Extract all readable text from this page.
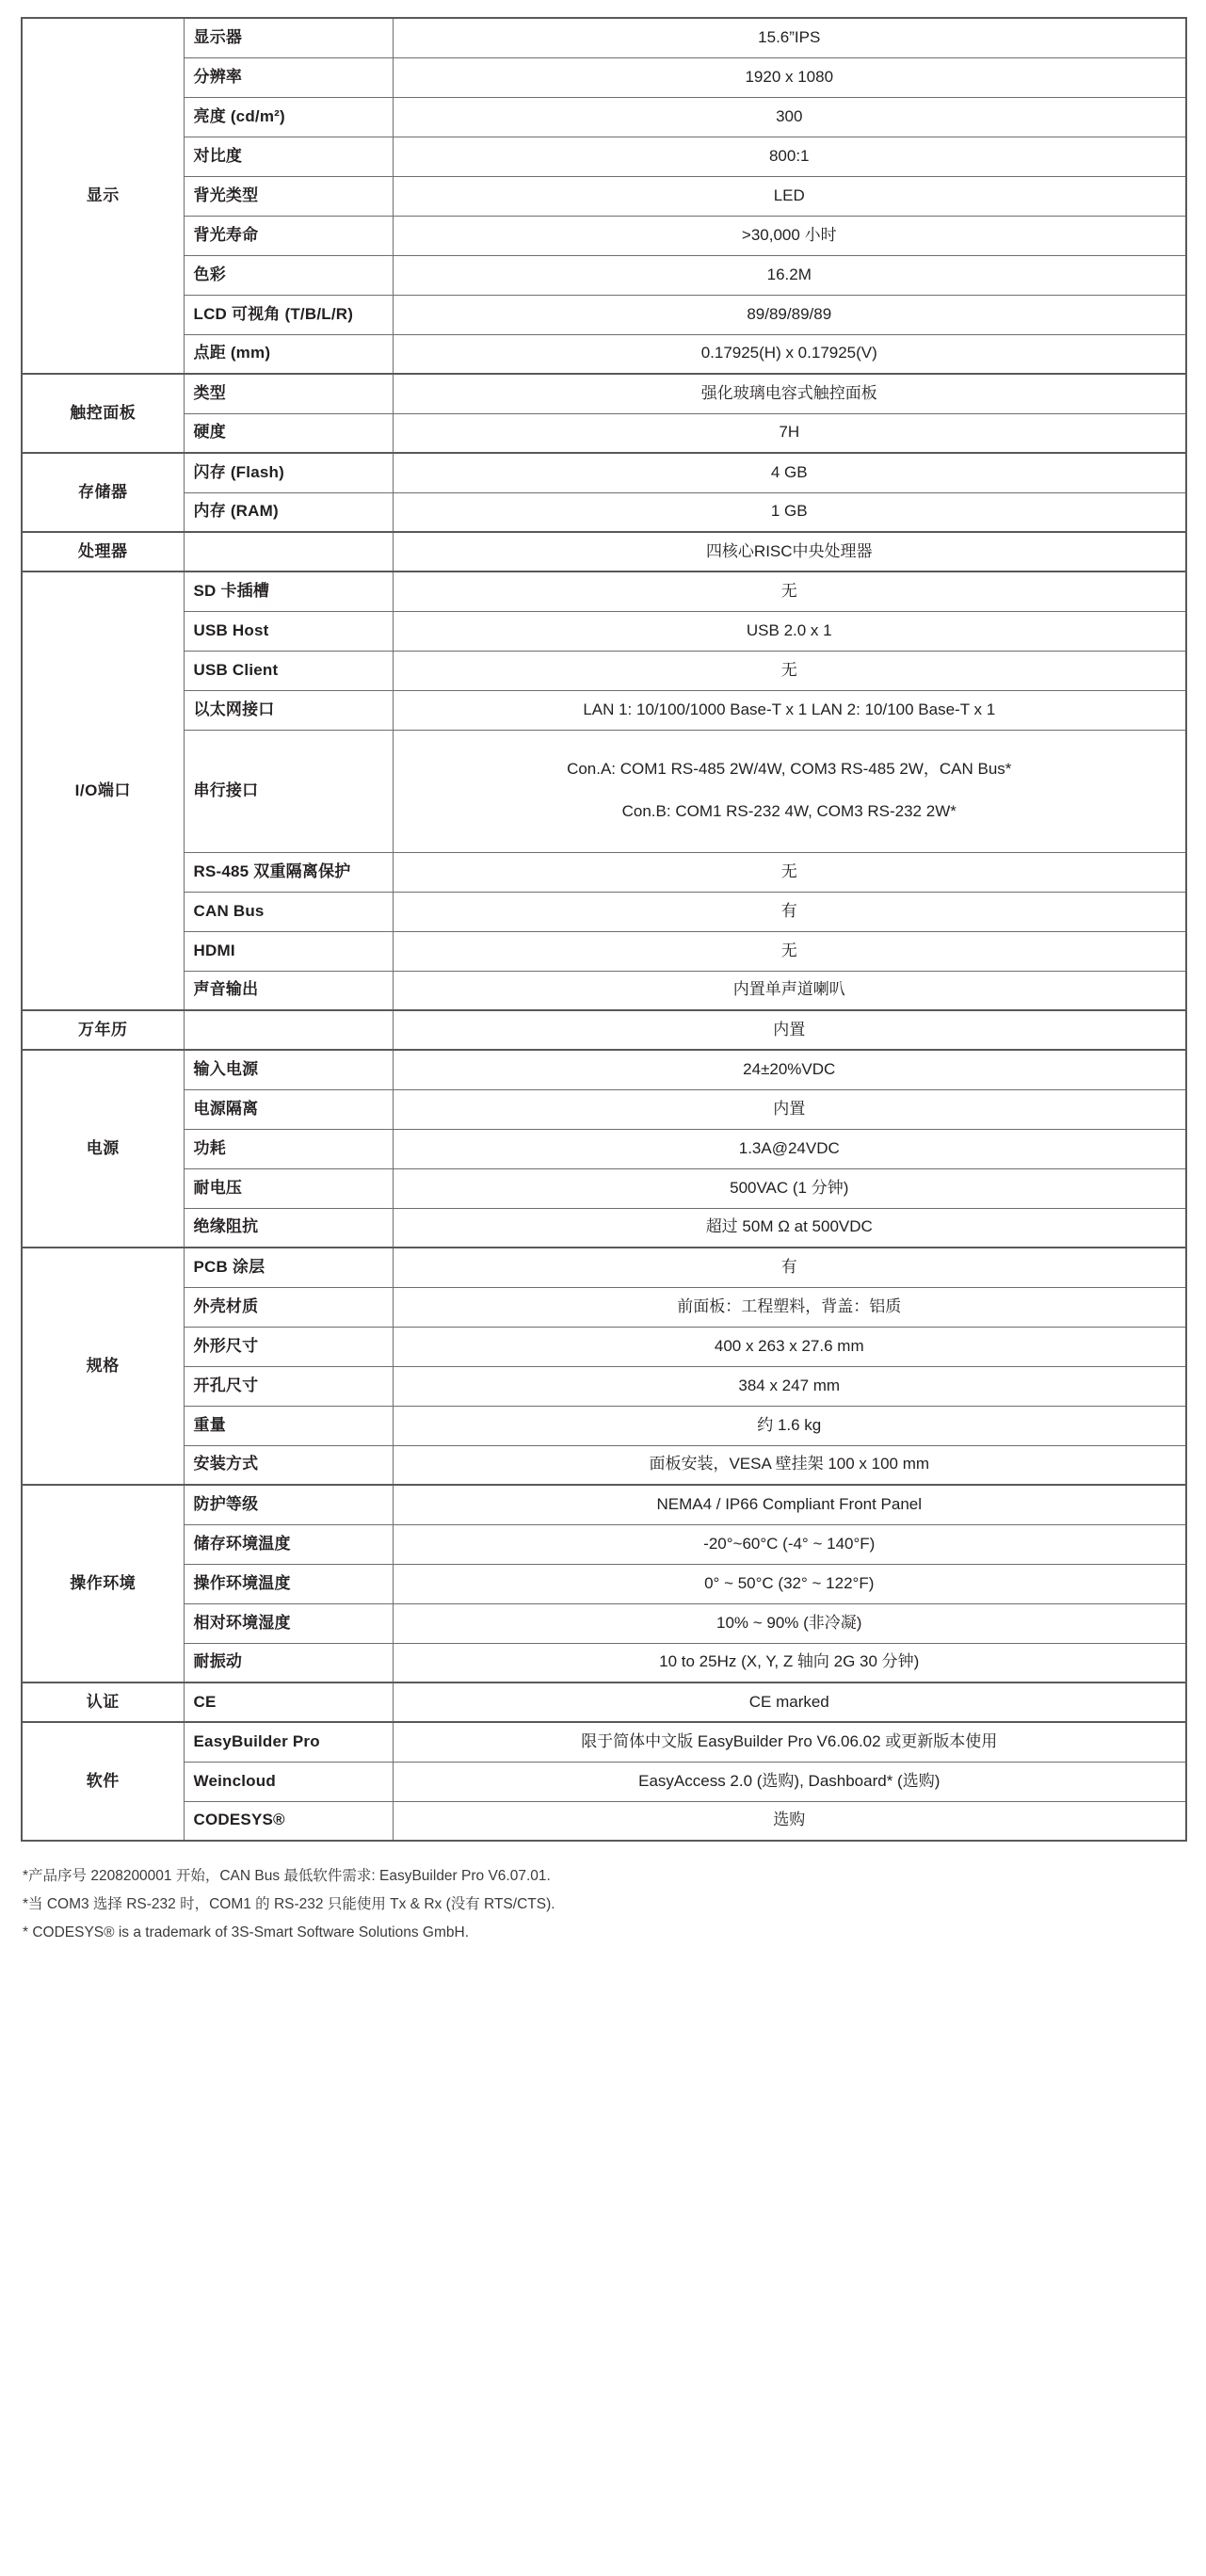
显示	显示器	15.6”IPS

	分辨率	1920 x 1080

	亮度 (cd/m²)	300

	对比度	800:1

	背光类型	LED

	背光寿命	>30,000 小时

	色彩	16.2M

	LCD 可视角 (T/B/L/R)	89/89/89/89

	点距 (mm)	0.17925(H) x 0.17925(V)

触控面板	类型	强化玻璃电容式触控面板

	硬度	7H

存储器	闪存 (Flash)	4 GB

	内存 (RAM)	1 GB

处理器		四核心RISC中央处理器

I/O端口	SD 卡插槽	无

	USB Host	USB 2.0 x 1

	USB Client	无

	以太网接口	LAN 1: 10/100/1000 Base-T x 1 LAN 2: 10/100 Base-T x 1

	串行接口	Con.A: COM1 RS-485 2W/4W, COM3 RS-485 2W，CAN Bus*
Con.B: COM1 RS-232 4W, COM3 RS-232 2W*

	RS-485 双重隔离保护	无

	CAN Bus	有

	HDMI	无

	声音输出	内置单声道喇叭

万年历		内置

电源	输入电源	24±20%VDC

	电源隔离	内置

	功耗	1.3A@24VDC

	耐电压	500VAC (1 分钟)

	绝缘阻抗	超过 50M Ω at 500VDC

规格	PCB 涂层	有

	外壳材质	前面板：工程塑料，背盖：铝质

	外形尺寸	400 x 263 x 27.6 mm

	开孔尺寸	384 x 247 mm

	重量	约 1.6 kg

	安装方式	面板安装，VESA 壁挂架 100 x 100 mm

操作环境	防护等级	NEMA4 / IP66 Compliant Front Panel

	储存环境温度	-20°~60°C (-4° ~ 140°F)

	操作环境温度	0° ~ 50°C (32° ~ 122°F)

	相对环境湿度	10% ~ 90% (非冷凝)

	耐振动	10 to 25Hz (X, Y, Z 轴向 2G 30 分钟)

认证	CE	CE marked

软件	EasyBuilder Pro	限于简体中文版 EasyBuilder Pro V6.06.02 或更新版本使用

	Weincloud	EasyAccess 2.0 (选购), Dashboard* (选购)

	CODESYS®	选购
*产品序号 2208200001 开始，CAN Bus 最低软件需求: EasyBuilder Pro V6.07.01.
*当 COM3 选择 RS-232 时，COM1 的 RS-232 只能使用 Tx & Rx (没有 RTS/CTS).
* CODESYS® is a trademark of 3S-Smart Software Solutions GmbH.
